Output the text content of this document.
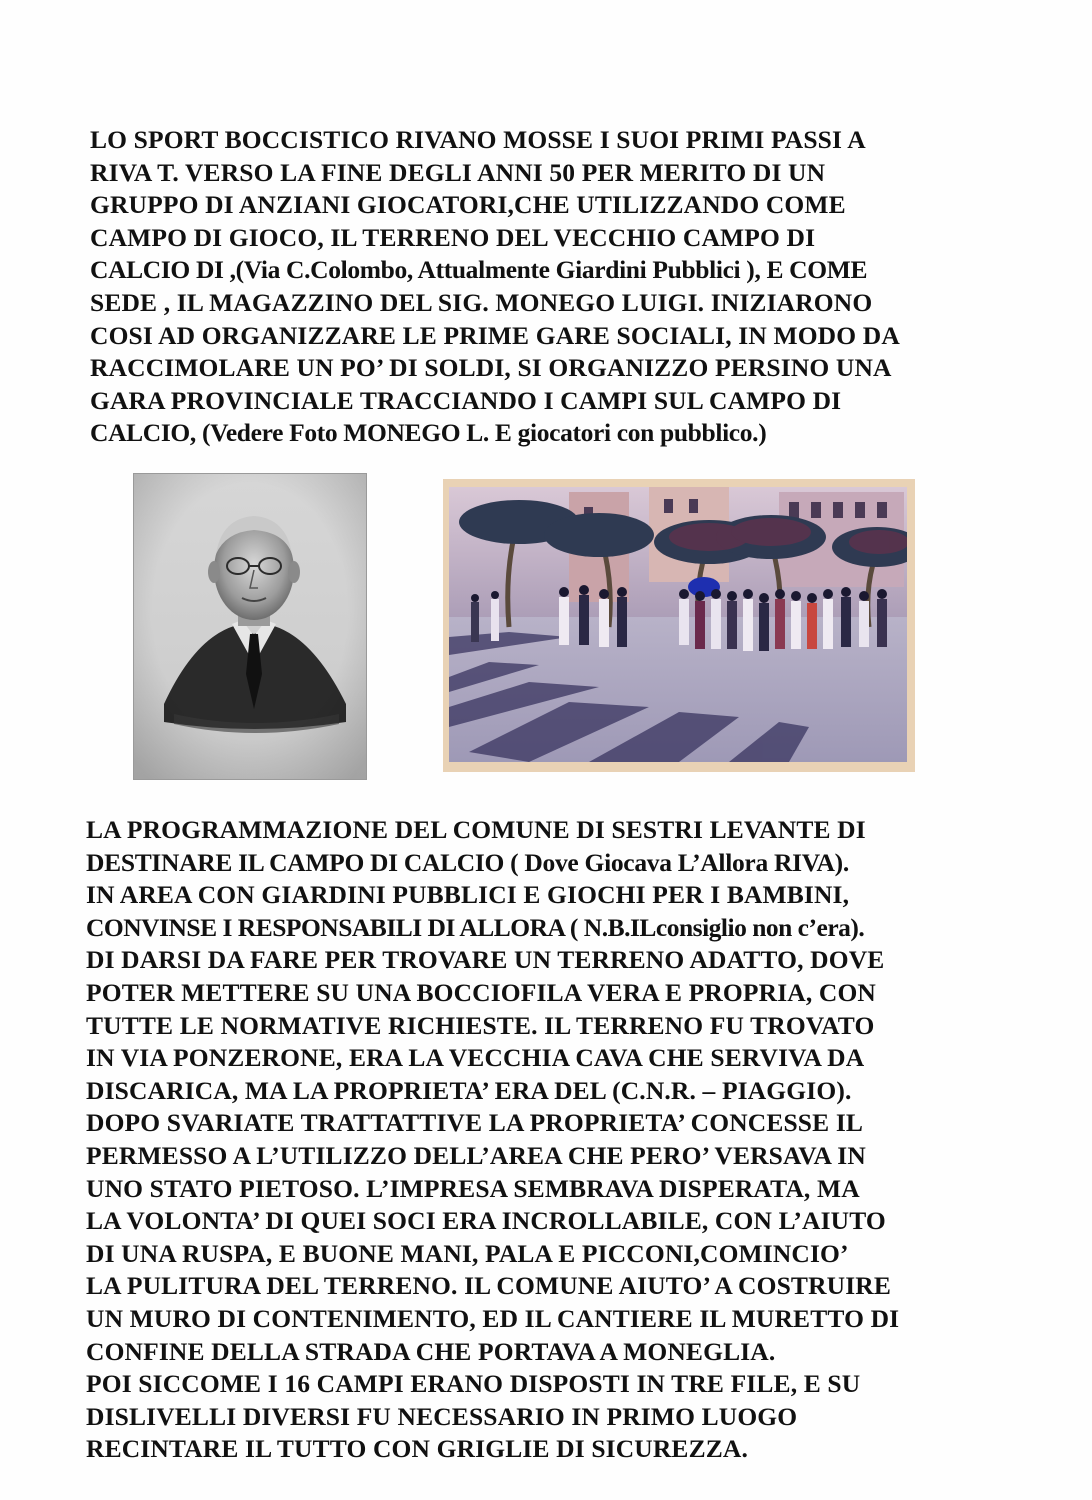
LO SPORT BOCCISTICO RIVANO MOSSE I SUOI PRIMI PASSI A
RIVA T. VERSO LA FINE DEGLI ANNI 50 PER MERITO DI UN
GRUPPO DI ANZIANI GIOCATORI,CHE UTILIZZANDO COME
CAMPO DI GIOCO, IL TERRENO DEL VECCHIO CAMPO DI
CALCIO DI ,(Via C.Colombo, Attualmente Giardini Pubblici ), E COME
SEDE , IL MAGAZZINO DEL SIG. MONEGO LUIGI. INIZIARONO
COSI AD ORGANIZZARE LE PRIME GARE SOCIALI, IN MODO DA
RACCIMOLARE UN PO’ DI SOLDI, SI ORGANIZZO PERSINO UNA
GARA PROVINCIALE TRACCIANDO I CAMPI SUL CAMPO DI
CALCIO, (Vedere Foto MONEGO L. E giocatori con pubblico.)
LA PROGRAMMAZIONE DEL COMUNE DI SESTRI LEVANTE DI
DESTINARE IL CAMPO DI CALCIO ( Dove Giocava L’Allora RIVA).
IN AREA CON GIARDINI PUBBLICI E GIOCHI PER I BAMBINI,
CONVINSE I RESPONSABILI DI ALLORA ( N.B.ILconsiglio non c’era).
DI DARSI DA FARE PER TROVARE UN TERRENO ADATTO, DOVE
POTER METTERE SU UNA BOCCIOFILA VERA E PROPRIA, CON
TUTTE LE NORMATIVE RICHIESTE. IL TERRENO FU TROVATO
IN VIA PONZERONE, ERA LA VECCHIA CAVA CHE SERVIVA DA
DISCARICA, MA LA PROPRIETA’ ERA DEL (C.N.R. – PIAGGIO).
DOPO SVARIATE TRATTATTIVE LA PROPRIETA’ CONCESSE IL
PERMESSO A L’UTILIZZO DELL’AREA CHE PERO’ VERSAVA IN
UNO STATO PIETOSO. L’IMPRESA SEMBRAVA DISPERATA, MA
LA VOLONTA’ DI QUEI SOCI ERA INCROLLABILE, CON L’AIUTO
DI UNA RUSPA, E BUONE MANI, PALA E PICCONI,COMINCIO’
LA PULITURA DEL TERRENO. IL COMUNE AIUTO’ A COSTRUIRE
UN MURO DI CONTENIMENTO, ED IL CANTIERE IL MURETTO DI
CONFINE DELLA STRADA CHE PORTAVA A MONEGLIA.
POI SICCOME I 16 CAMPI ERANO DISPOSTI IN TRE FILE, E SU
DISLIVELLI DIVERSI FU NECESSARIO IN PRIMO LUOGO
RECINTARE IL TUTTO CON GRIGLIE DI SICUREZZA.
